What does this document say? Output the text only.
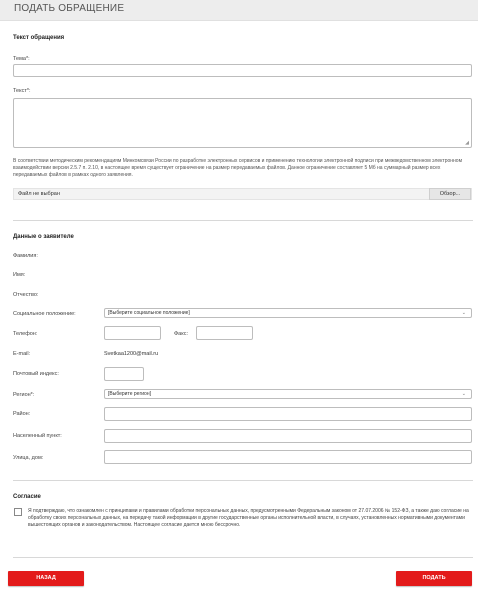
ПОДАТЬ ОБРАЩЕНИЕ
Текст обращения
Тема*:
Текст*:
◢
В соответствии методическим рекомендациям Минкомсвязи России по разработке электронных сервисов и применению технологии электронной подписи при межведомственном электронном взаимодействии версии 2.5.7 п. 2.10, в настоящее время существует ограничение на размер передаваемых файлов. Данное ограничение составляет 5 Мб на суммарный размер всех передаваемых файлов в рамках одного заявления.
Файл не выбран	Обзор...
Данные о заявителе
Фамилия:
Имя:
Отчество:
Социальное положение:	[Выберите социальное положение]	⌄
Телефон:	Факс:
E-mail:	Svetkaa1200@mail.ru
Почтовый индекс:
Регион*:	[Выберите регион]	⌄
Район:
Населенный пункт:
Улица, дом:
Согласие
Я подтверждаю, что ознакомлен с принципами и правилами обработки персональных данных, предусмотренными Федеральным законом от 27.07.2006 № 152-ФЗ, а также даю согласие на обработку своих персональных данных, на передачу такой информации в другие государственные органы исполнительной власти, в случаях, установленных нормативными документами вышестоящих органов и законодательством. Настоящее согласие дается мною бессрочно.
НАЗАД	ПОДАТЬ
